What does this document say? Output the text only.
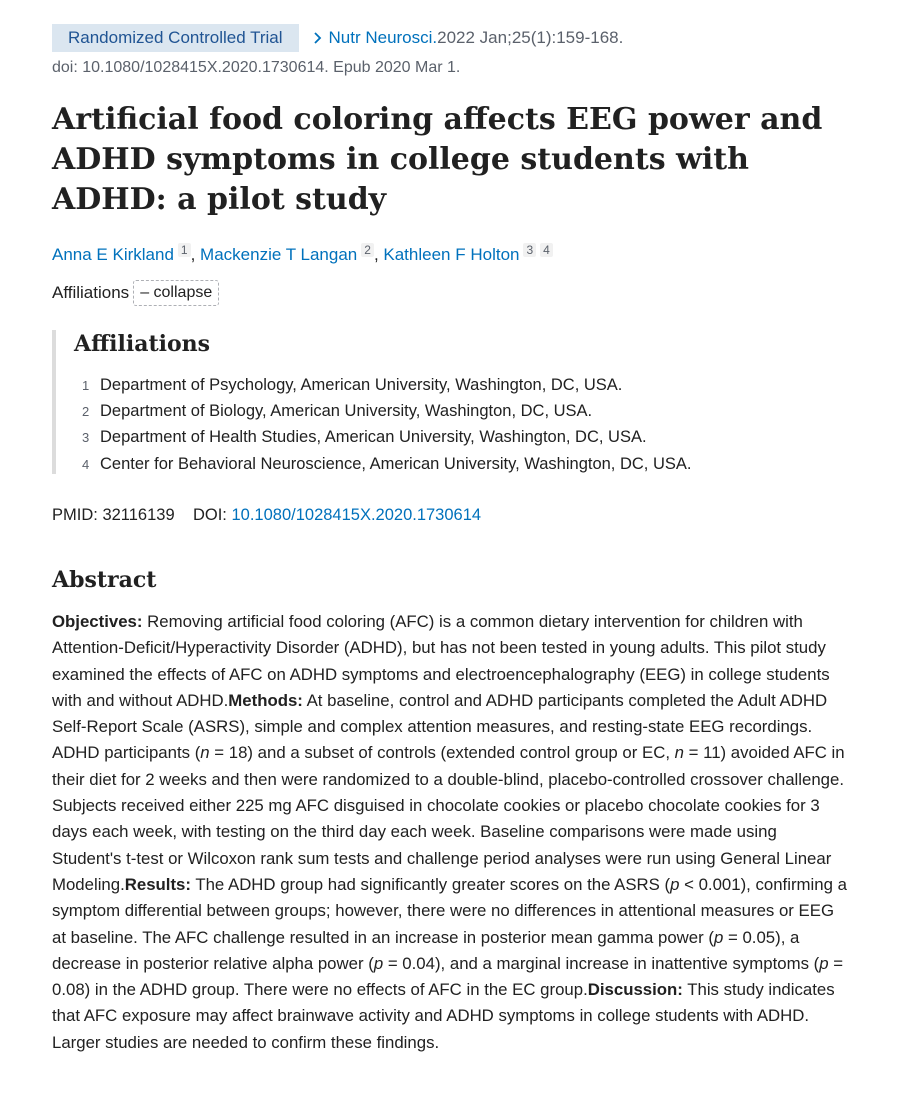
Randomized Controlled Trial	Nutr Neurosci. 2022 Jan;25(1):159-168.
doi: 10.1080/1028415X.2020.1730614. Epub 2020 Mar 1.
Artificial food coloring affects EEG power and ADHD symptoms in college students with ADHD: a pilot study
Anna E Kirkland 1 , Mackenzie T Langan 2 , Kathleen F Holton 3 4
Affiliations – collapse
Affiliations
1 Department of Psychology, American University, Washington, DC, USA.
2 Department of Biology, American University, Washington, DC, USA.
3 Department of Health Studies, American University, Washington, DC, USA.
4 Center for Behavioral Neuroscience, American University, Washington, DC, USA.
PMID: 32116139 DOI: 10.1080/1028415X.2020.1730614
Abstract
Objectives: Removing artificial food coloring (AFC) is a common dietary intervention for children with Attention-Deficit/Hyperactivity Disorder (ADHD), but has not been tested in young adults. This pilot study examined the effects of AFC on ADHD symptoms and electroencephalography (EEG) in college students with and without ADHD.Methods: At baseline, control and ADHD participants completed the Adult ADHD Self-Report Scale (ASRS), simple and complex attention measures, and resting-state EEG recordings. ADHD participants (n = 18) and a subset of controls (extended control group or EC, n = 11) avoided AFC in their diet for 2 weeks and then were randomized to a double-blind, placebo-controlled crossover challenge. Subjects received either 225 mg AFC disguised in chocolate cookies or placebo chocolate cookies for 3 days each week, with testing on the third day each week. Baseline comparisons were made using Student's t-test or Wilcoxon rank sum tests and challenge period analyses were run using General Linear Modeling.Results: The ADHD group had significantly greater scores on the ASRS (p < 0.001), confirming a symptom differential between groups; however, there were no differences in attentional measures or EEG at baseline. The AFC challenge resulted in an increase in posterior mean gamma power (p = 0.05), a decrease in posterior relative alpha power (p = 0.04), and a marginal increase in inattentive symptoms (p = 0.08) in the ADHD group. There were no effects of AFC in the EC group.Discussion: This study indicates that AFC exposure may affect brainwave activity and ADHD symptoms in college students with ADHD. Larger studies are needed to confirm these findings.
